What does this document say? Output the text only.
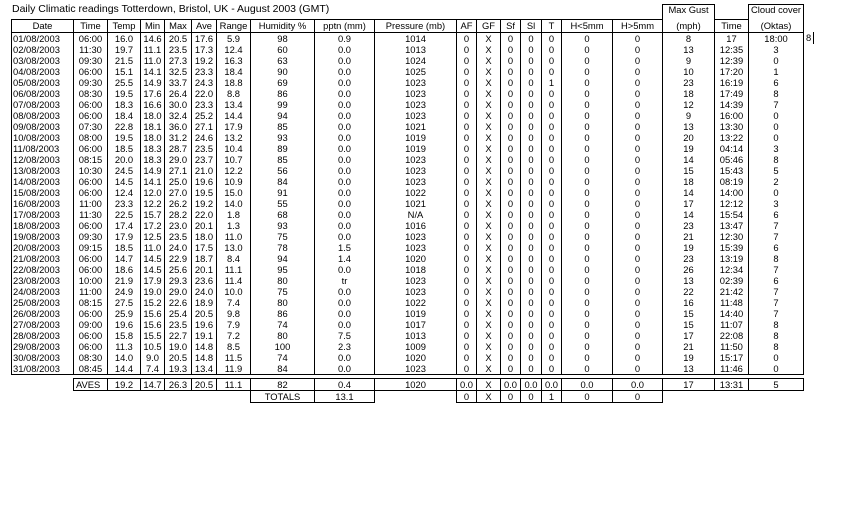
Daily Climatic readings Totterdown, Bristol, UK - August 2003 (GMT)
																	Max Gust		Cloud cover	
Date	Time	Temp	Min	Max	Ave	Range	Humidity %	pptn (mm)	Pressure (mb)	AF	GF	Sf	Sl	T	H<5mm	H>5mm	(mph)	Time	(Oktas)	
01/08/2003	06:00	16.0	14.6	20.5	17.6	5.9	98	0.9	1014	0	X	0	0	0	0	0	8	17	18:00	8
02/08/2003	11:30	19.7	11.1	23.5	17.3	12.4	60	0.0	1013	0	X	0	0	0	0	0	13	12:35	3	
03/08/2003	09:30	21.5	11.0	27.3	19.2	16.3	63	0.0	1024	0	X	0	0	0	0	0	9	12:39	0	
04/08/2003	06:00	15.1	14.1	32.5	23.3	18.4	90	0.0	1025	0	X	0	0	0	0	0	10	17:20	1	
05/08/2003	09:30	25.5	14.9	33.7	24.3	18.8	69	0.0	1023	0	X	0	0	1	0	0	23	16:19	6	
06/08/2003	08:30	19.5	17.6	26.4	22.0	8.8	86	0.0	1023	0	X	0	0	0	0	0	18	17:49	8	
07/08/2003	06:00	18.3	16.6	30.0	23.3	13.4	99	0.0	1023	0	X	0	0	0	0	0	12	14:39	7	
08/08/2003	06:00	18.4	18.0	32.4	25.2	14.4	94	0.0	1023	0	X	0	0	0	0	0	9	16:00	0	
09/08/2003	07:30	22.8	18.1	36.0	27.1	17.9	85	0.0	1021	0	X	0	0	0	0	0	13	13:30	0	
10/08/2003	08:00	19.5	18.0	31.2	24.6	13.2	93	0.0	1019	0	X	0	0	0	0	0	20	13:22	0	
11/08/2003	06:00	18.5	18.3	28.7	23.5	10.4	89	0.0	1019	0	X	0	0	0	0	0	19	04:14	3	
12/08/2003	08:15	20.0	18.3	29.0	23.7	10.7	85	0.0	1023	0	X	0	0	0	0	0	14	05:46	8	
13/08/2003	10:30	24.5	14.9	27.1	21.0	12.2	56	0.0	1023	0	X	0	0	0	0	0	15	15:43	5	
14/08/2003	06:00	14.5	14.1	25.0	19.6	10.9	84	0.0	1023	0	X	0	0	0	0	0	18	08:19	2	
15/08/2003	06:00	12.4	12.0	27.0	19.5	15.0	91	0.0	1022	0	X	0	0	0	0	0	14	14:00	0	
16/08/2003	11:00	23.3	12.2	26.2	19.2	14.0	55	0.0	1021	0	X	0	0	0	0	0	17	12:12	3	
17/08/2003	11:30	22.5	15.7	28.2	22.0	1.8	68	0.0	N/A	0	X	0	0	0	0	0	14	15:54	6	
18/08/2003	06:00	17.4	17.2	23.0	20.1	1.3	93	0.0	1016	0	X	0	0	0	0	0	23	13:47	7	
19/08/2003	09:30	17.9	12.5	23.5	18.0	11.0	75	0.0	1023	0	X	0	0	0	0	0	21	12:30	7	
20/08/2003	09:15	18.5	11.0	24.0	17.5	13.0	78	1.5	1023	0	X	0	0	0	0	0	19	15:39	6	
21/08/2003	06:00	14.7	14.5	22.9	18.7	8.4	94	1.4	1020	0	X	0	0	0	0	0	23	13:19	8	
22/08/2003	06:00	18.6	14.5	25.6	20.1	11.1	95	0.0	1018	0	X	0	0	0	0	0	26	12:34	7	
23/08/2003	10:00	21.9	17.9	29.3	23.6	11.4	80	tr	1023	0	X	0	0	0	0	0	13	02:39	6	
24/08/2003	11:00	24.9	19.0	29.0	24.0	10.0	75	0.0	1023	0	X	0	0	0	0	0	22	21:42	7	
25/08/2003	08:15	27.5	15.2	22.6	18.9	7.4	80	0.0	1022	0	X	0	0	0	0	0	16	11:48	7	
26/08/2003	06:00	25.9	15.6	25.4	20.5	9.8	86	0.0	1019	0	X	0	0	0	0	0	15	14:40	7	
27/08/2003	09:00	19.6	15.6	23.5	19.6	7.9	74	0.0	1017	0	X	0	0	0	0	0	15	11:07	8	
28/08/2003	06:00	15.8	15.5	22.7	19.1	7.2	80	7.5	1013	0	X	0	0	0	0	0	17	22:08	8	
29/08/2003	06:00	11.3	10.5	19.0	14.8	8.5	100	2.3	1009	0	X	0	0	0	0	0	21	11:50	8	
30/08/2003	08:30	14.0	9.0	20.5	14.8	11.5	74	0.0	1020	0	X	0	0	0	0	0	19	15:17	0	
31/08/2003	08:45	14.4	7.4	19.3	13.4	11.9	84	0.0	1023	0	X	0	0	0	0	0	13	11:46	0	

	AVES	19.2	14.7	26.3	20.5	11.1	82	0.4	1020	0.0	X	0.0	0.0	0.0	0.0	0.0	17	13:31	5	
							TOTALS	13.1		0	X	0	0	1	0	0				
